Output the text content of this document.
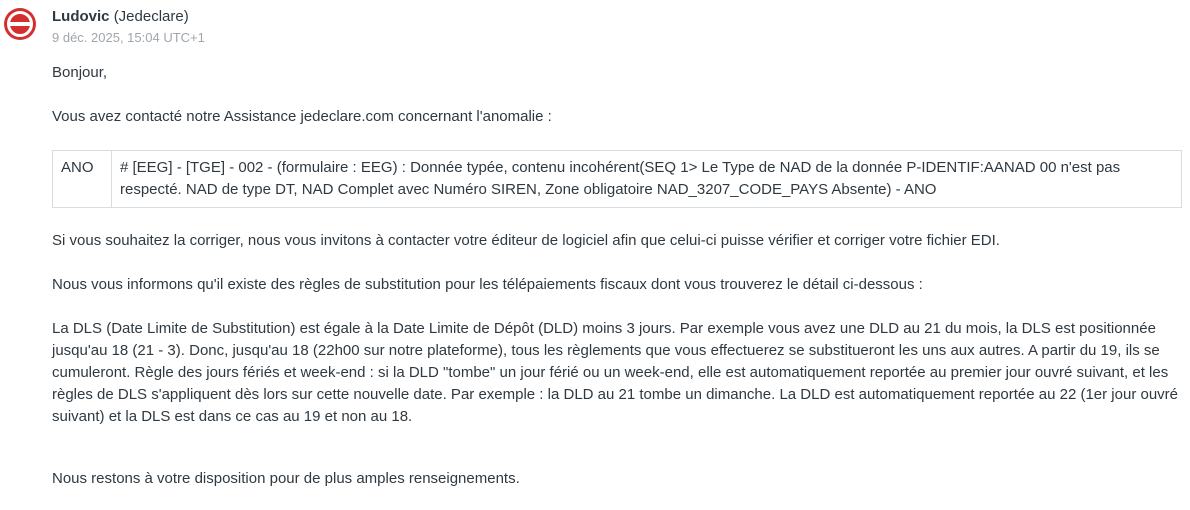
Ludovic (Jedeclare)
9 déc. 2025, 15:04 UTC+1
Bonjour,
Vous avez contacté notre Assistance jedeclare.com concernant l'anomalie :
ANO	# [EEG] - [TGE] - 002 - (formulaire : EEG) : Donnée typée, contenu incohérent(SEQ 1> Le Type de NAD de la donnée P-IDENTIF:AANAD 00 n'est pas respecté. NAD de type DT, NAD Complet avec Numéro SIREN, Zone obligatoire NAD_3207_CODE_PAYS Absente) - ANO
Si vous souhaitez la corriger, nous vous invitons à contacter votre éditeur de logiciel afin que celui-ci puisse vérifier et corriger votre fichier EDI.
Nous vous informons qu'il existe des règles de substitution pour les télépaiements fiscaux dont vous trouverez le détail ci-dessous :
La DLS (Date Limite de Substitution) est égale à la Date Limite de Dépôt (DLD) moins 3 jours. Par exemple vous avez une DLD au 21 du mois, la DLS est positionnée jusqu'au 18 (21 - 3). Donc, jusqu'au 18 (22h00 sur notre plateforme), tous les règlements que vous effectuerez se substitueront les uns aux autres. A partir du 19, ils se cumuleront. Règle des jours fériés et week-end : si la DLD "tombe" un jour férié ou un week-end, elle est automatiquement reportée au premier jour ouvré suivant, et les règles de DLS s'appliquent dès lors sur cette nouvelle date. Par exemple : la DLD au 21 tombe un dimanche. La DLD est automatiquement reportée au 22 (1er jour ouvré suivant) et la DLS est dans ce cas au 19 et non au 18.
Nous restons à votre disposition pour de plus amples renseignements.
